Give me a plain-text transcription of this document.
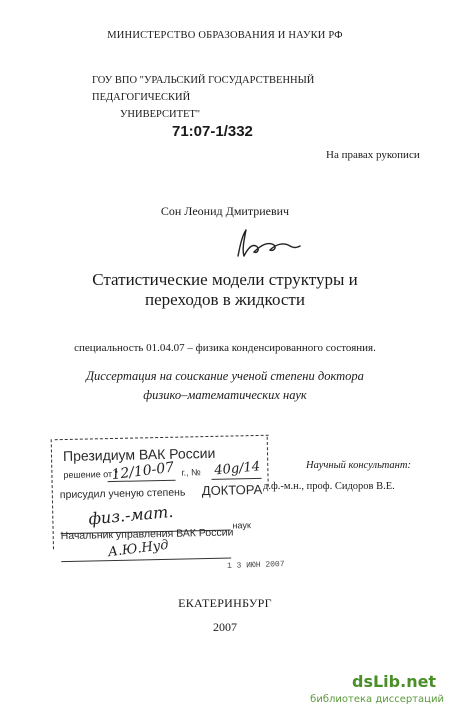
МИНИСТЕРСТВО ОБРАЗОВАНИЯ И НАУКИ РФ
ГОУ ВПО "УРАЛЬСКИЙ ГОСУДАРСТВЕННЫЙ ПЕДАГОГИЧЕСКИЙ
УНИВЕРСИТЕТ"
71:07-1/332
На правах рукописи
Сон Леонид Дмитриевич
Статистические модели структуры и
переходов в жидкости
специальность 01.04.07 – физика конденсированного состояния.
Диссертация на соискание ученой степени доктора
физико–математических наук
Президиум ВАК России
решение от "	г., №
12/10-07	40g/14
присудил ученую степень ДОКТОРА
физ.-мат.	наук
Начальник управления ВАК России
А.Ю.Нуд
1 3 ИЮН 2007
Научный консультант:
д.ф.-м.н., проф. Сидоров В.Е.
ЕКАТЕРИНБУРГ
2007
dsLib.net
библиотека диссертаций
